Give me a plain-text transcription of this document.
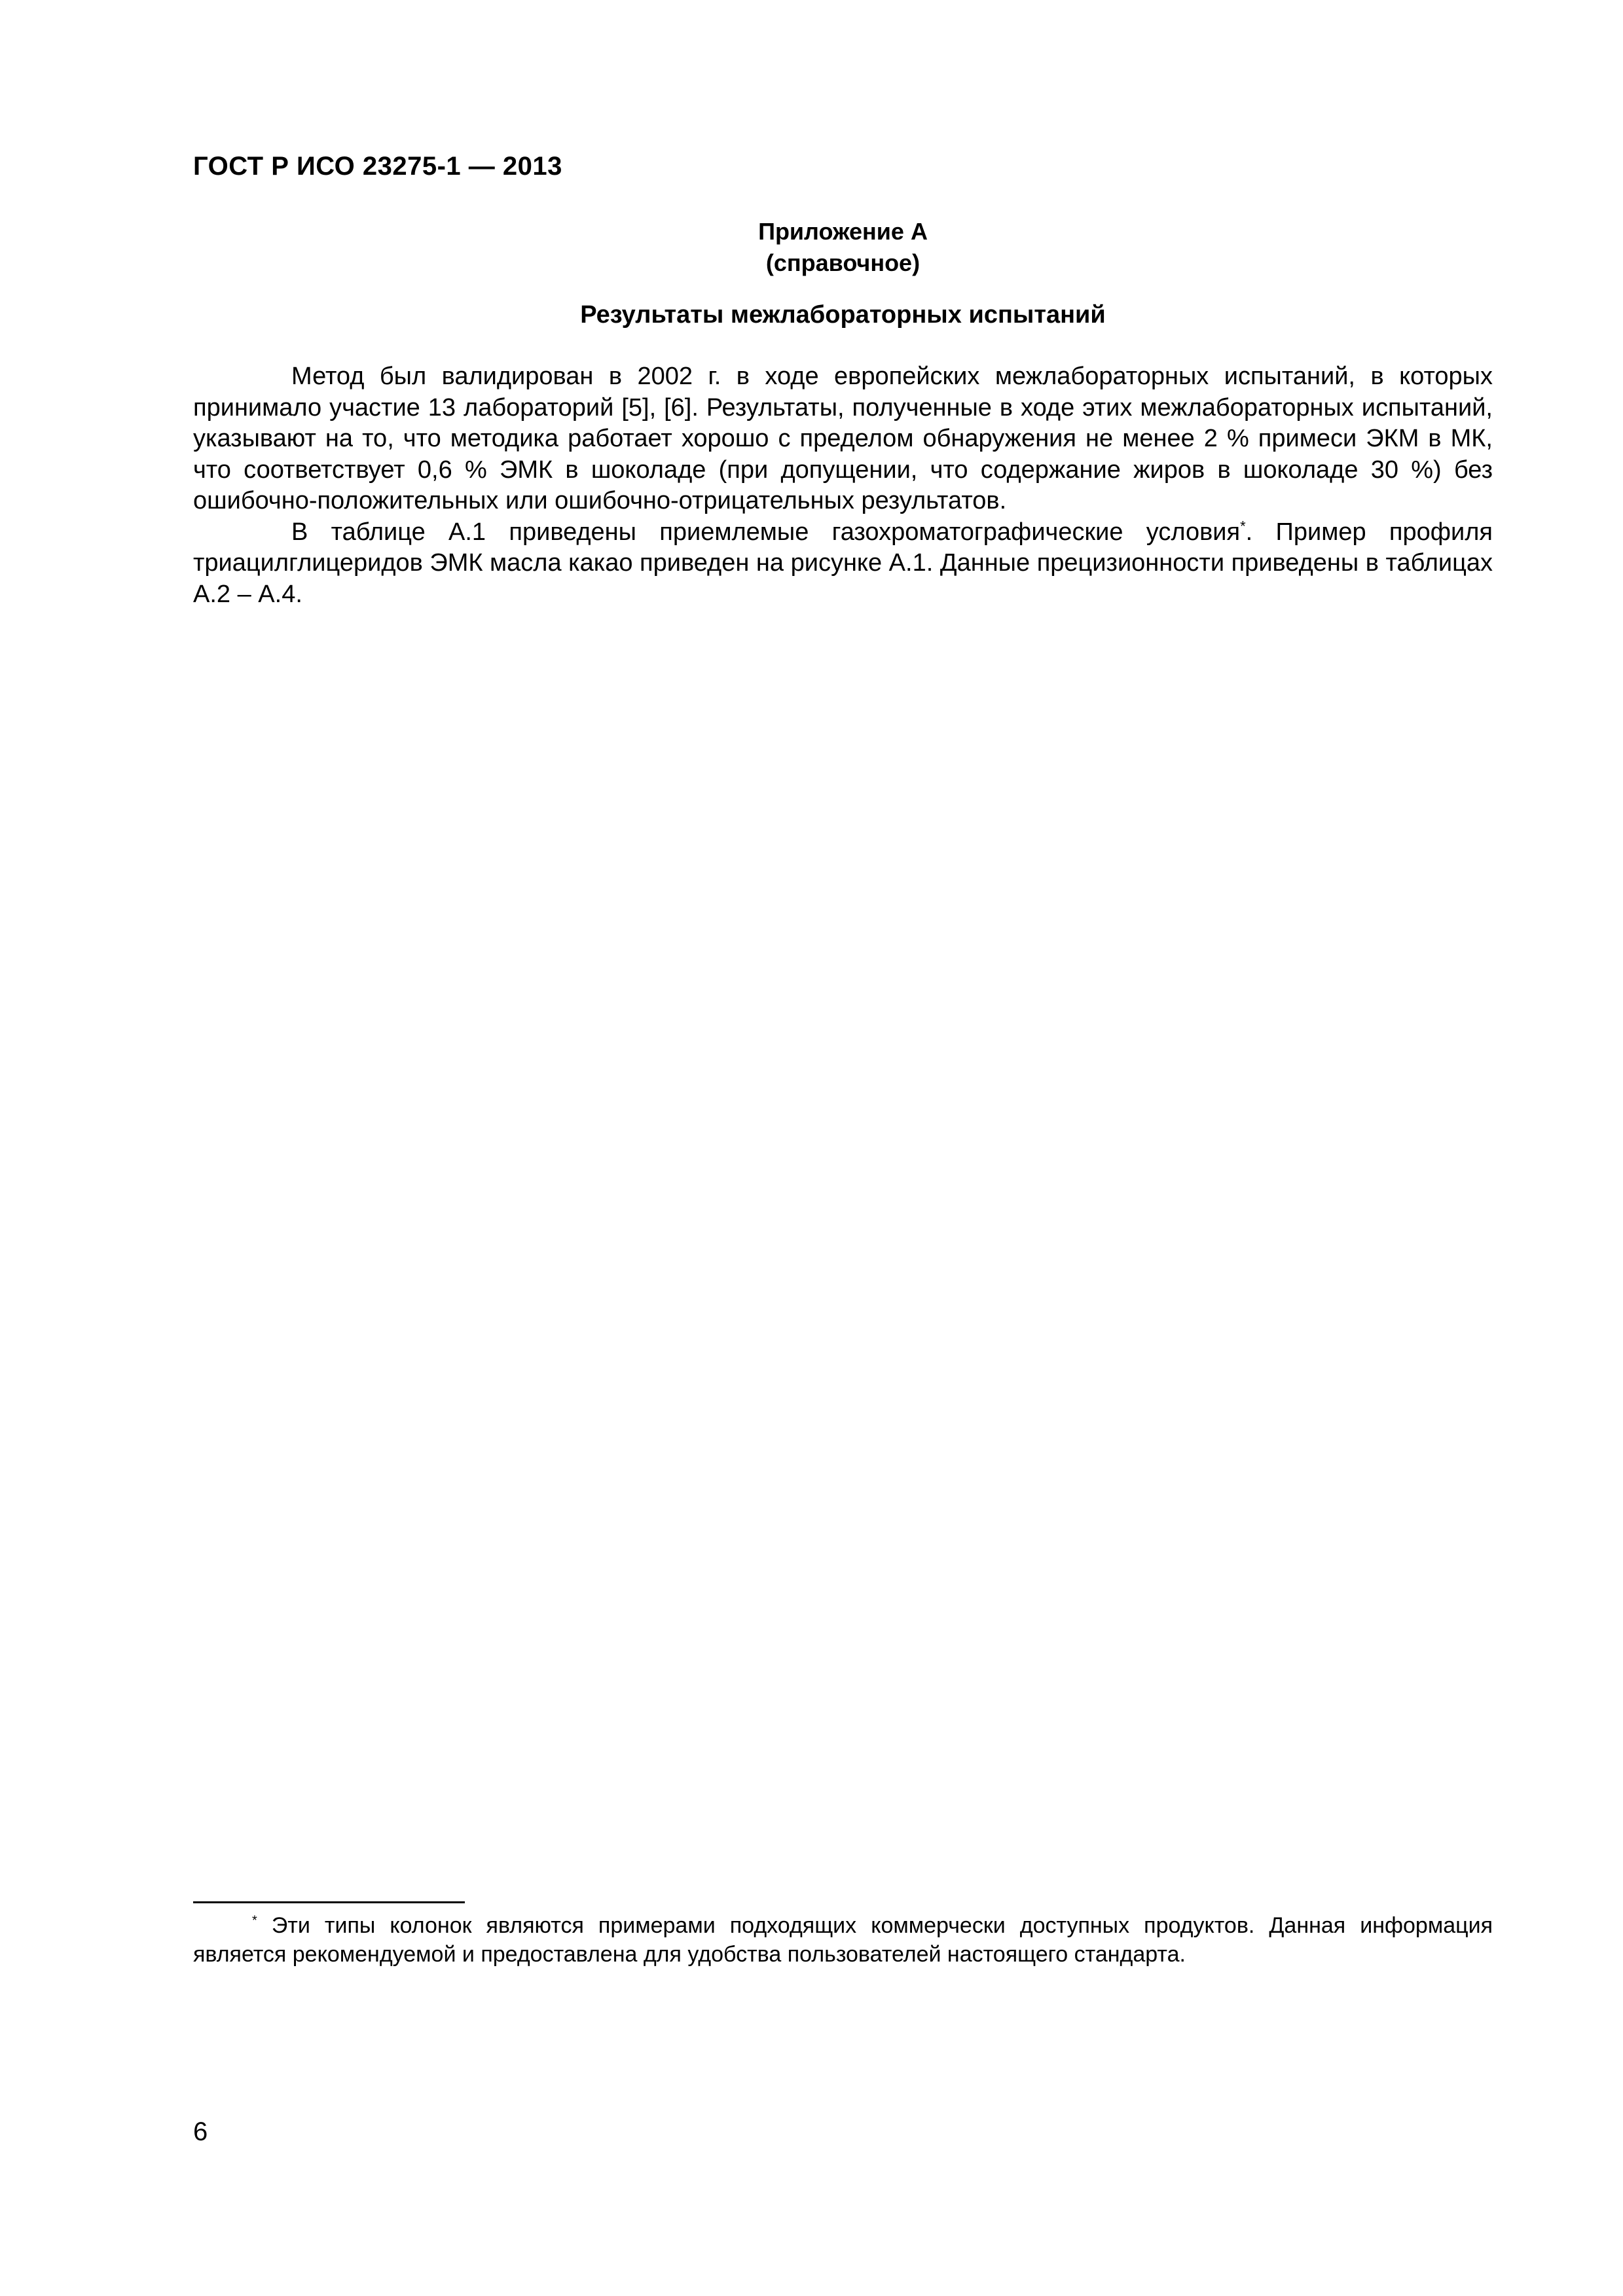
ГОСТ Р ИСО 23275-1 — 2013
Приложение А
(справочное)
Результаты межлабораторных испытаний

Метод был валидирован в 2002 г. в ходе европейских межлабораторных испытаний, в которых принимало участие 13 лабораторий [5], [6]. Результаты, полученные в ходе этих межлабораторных испытаний, указывают на то, что методика работает хорошо с пределом обнаружения не менее 2 % примеси ЭКМ в МК, что соответствует 0,6 % ЭМК в шоколаде (при допущении, что содержание жиров в шоколаде 30 %) без ошибочно-положительных или ошибочно-отрицательных результатов.

В таблице А.1 приведены приемлемые газохроматографические условия*. Пример профиля триацилглицеридов ЭМК масла какао приведен на рисунке А.1. Данные прецизионности приведены в таблицах А.2 – А.4.

* Эти типы колонок являются примерами подходящих коммерчески доступных продуктов. Данная информация является рекомендуемой и предоставлена для удобства пользователей настоящего стандарта.

6
